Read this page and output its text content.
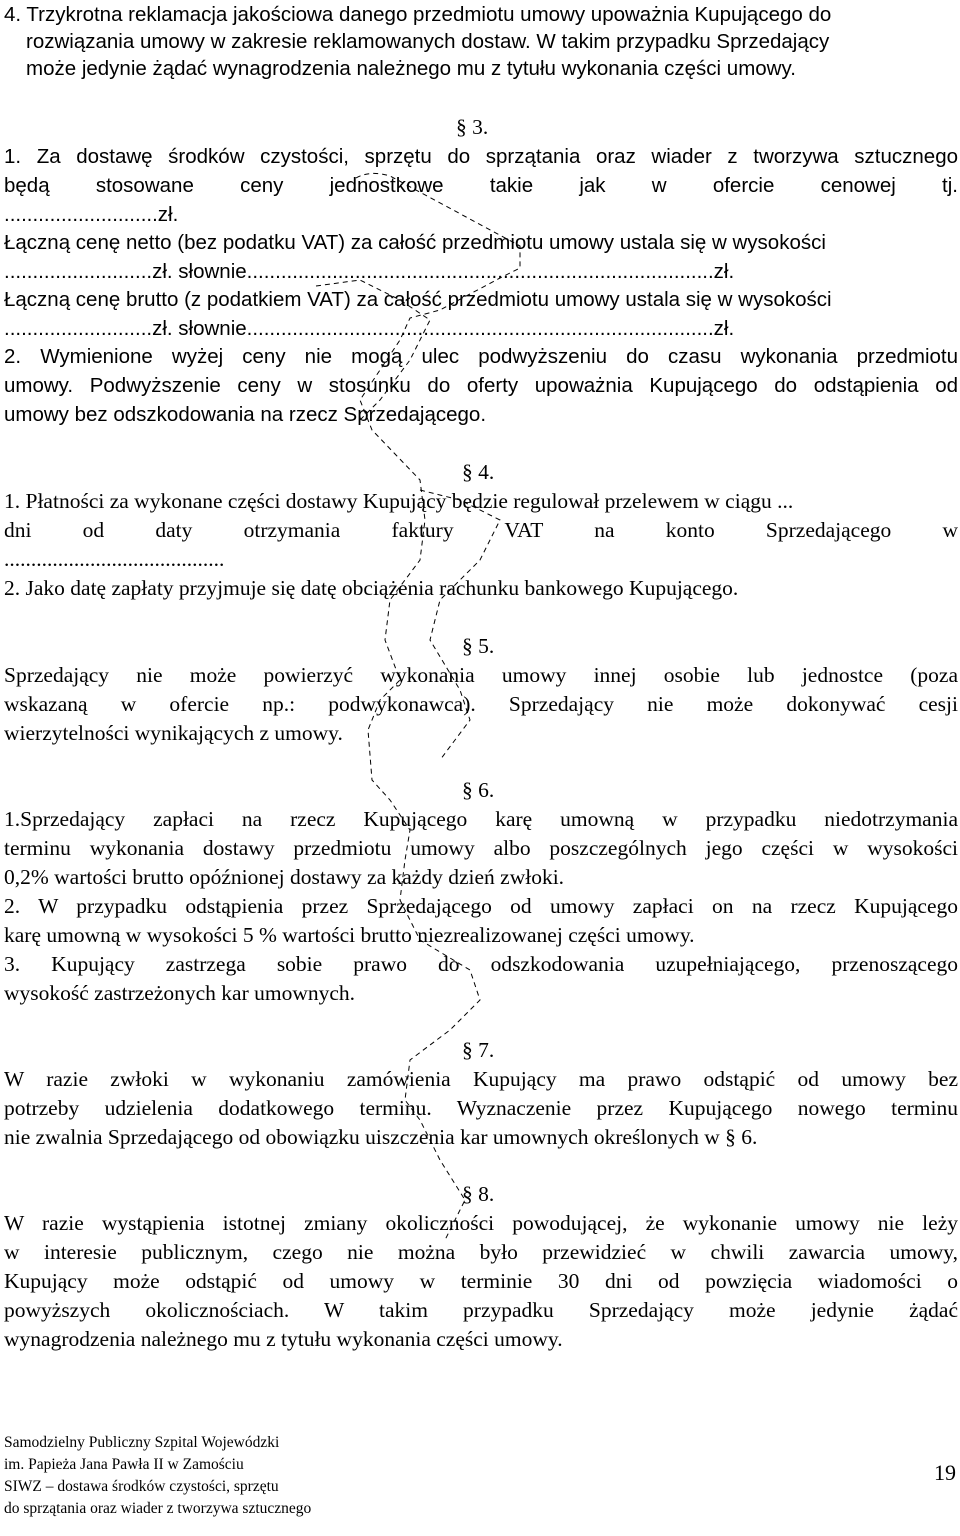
4. Trzykrotna reklamacja jakościowa danego przedmiotu umowy upoważnia Kupującego do
rozwiązania umowy w zakresie reklamowanych dostaw. W takim przypadku Sprzedający
może jedynie żądać wynagrodzenia należnego mu z tytułu wykonania części umowy.
§ 3.
1. Za dostawę środków czystości, sprzętu do sprzątania oraz wiader z tworzywa sztucznego
będą stosowane ceny jednostkowe takie jak w ofercie cenowej tj.
...........................zł.
Łączną cenę netto (bez podatku VAT) za całość przedmiotu umowy ustala się w wysokości
..........................zł. słownie..................................................................................zł.
Łączną cenę brutto (z podatkiem VAT) za całość przedmiotu umowy ustala się w wysokości
..........................zł. słownie..................................................................................zł.
2. Wymienione wyżej ceny nie mogą ulec podwyższeniu do czasu wykonania przedmiotu
umowy. Podwyższenie ceny w stosunku do oferty upoważnia Kupującego do odstąpienia od
umowy bez odszkodowania na rzecz Sprzedającego.
§ 4.
1. Płatności za wykonane części dostawy Kupujący będzie regulował przelewem w ciągu ...
dni od daty otrzymania faktury VAT na konto Sprzedającego w
.........................................
2. Jako datę zapłaty przyjmuje się datę obciążenia rachunku bankowego Kupującego.
§ 5.
Sprzedający nie może powierzyć wykonania umowy innej osobie lub jednostce (poza
wskazaną w ofercie np.: podwykonawca). Sprzedający nie może dokonywać cesji
wierzytelności wynikających z umowy.
§ 6.
1.Sprzedający zapłaci na rzecz Kupującego karę umowną w przypadku niedotrzymania
terminu wykonania dostawy przedmiotu umowy albo poszczególnych jego części w wysokości
0,2% wartości brutto opóźnionej dostawy za każdy dzień zwłoki.
2. W przypadku odstąpienia przez Sprzedającego od umowy zapłaci on na rzecz Kupującego
karę umowną w wysokości 5 % wartości brutto niezrealizowanej części umowy.
3. Kupujący zastrzega sobie prawo do odszkodowania uzupełniającego, przenoszącego
wysokość zastrzeżonych kar umownych.
§ 7.
W razie zwłoki w wykonaniu zamówienia Kupujący ma prawo odstąpić od umowy bez
potrzeby udzielenia dodatkowego terminu. Wyznaczenie przez Kupującego nowego terminu
nie zwalnia Sprzedającego od obowiązku uiszczenia kar umownych określonych w § 6.
§ 8.
W razie wystąpienia istotnej zmiany okoliczności powodującej, że wykonanie umowy nie leży
w interesie publicznym, czego nie można było przewidzieć w chwili zawarcia umowy,
Kupujący może odstąpić od umowy w terminie 30 dni od powzięcia wiadomości o
powyższych okolicznościach. W takim przypadku Sprzedający może jedynie żądać
wynagrodzenia należnego mu z tytułu wykonania części umowy.
Samodzielny Publiczny Szpital Wojewódzki
im. Papieża Jana Pawła II w Zamościu
SIWZ – dostawa środków czystości, sprzętu
do sprzątania oraz wiader z tworzywa sztucznego
19
